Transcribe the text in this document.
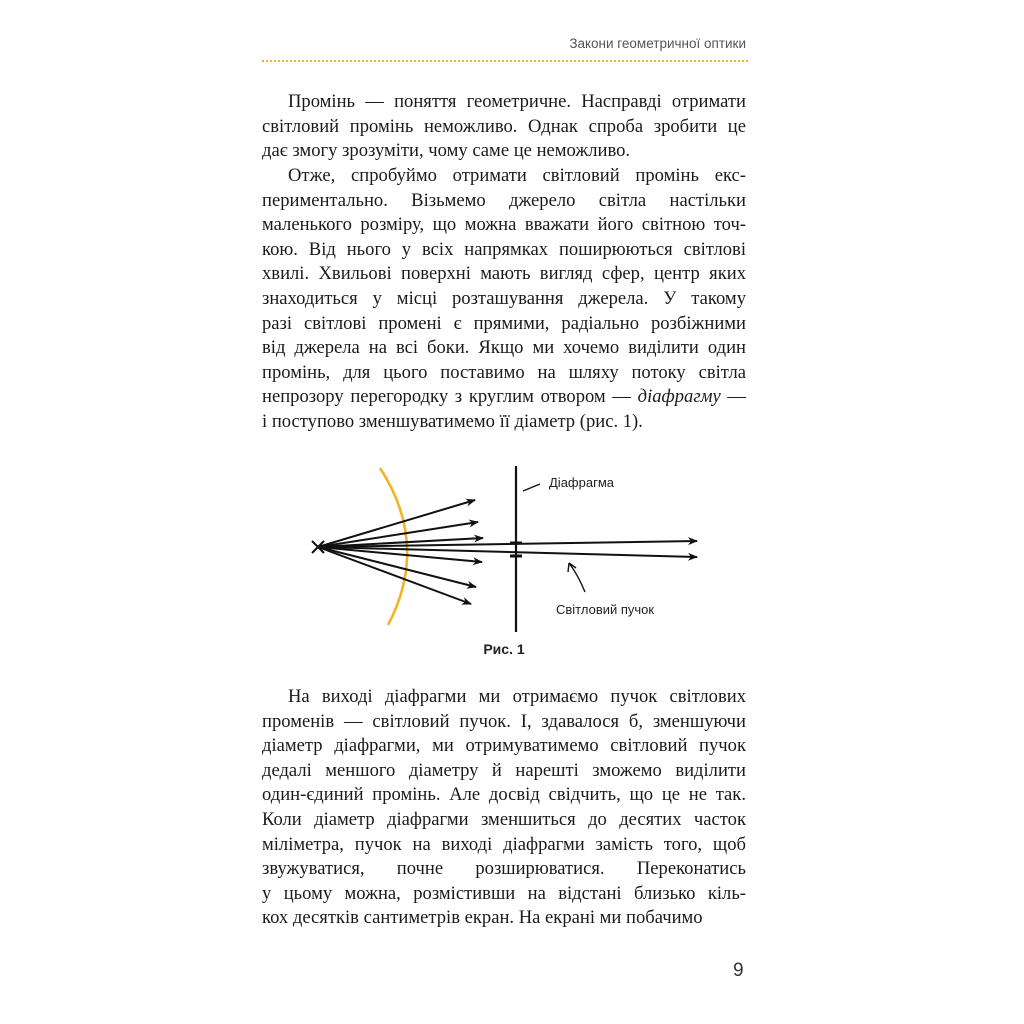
Закони геометричної оптики
Промінь — поняття геометричне. Насправді отримати
світловий промінь неможливо. Однак спроба зробити це
дає змогу зрозуміти, чому саме це неможливо.
Отже, спробуймо отримати світловий промінь екс-
периментально. Візьмемо джерело світла настільки
маленького розміру, що можна вважати його світною точ-
кою. Від нього у всіх напрямках поширюються світлові
хвилі. Хвильові поверхні мають вигляд сфер, центр яких
знаходиться у місці розташування джерела. У такому
разі світлові промені є прямими, радіально розбіжними
від джерела на всі боки. Якщо ми хочемо виділити один
промінь, для цього поставимо на шляху потоку світла
непрозору перегородку з круглим отвором — діафрагму —
і поступово зменшуватимемо її діаметр (рис. 1).
На виході діафрагми ми отримаємо пучок світлових
променів — світловий пучок. І, здавалося б, зменшуючи
діаметр діафрагми, ми отримуватимемо світловий пучок
дедалі меншого діаметру й нарешті зможемо виділити
один-єдиний промінь. Але досвід свідчить, що це не так.
Коли діаметр діафрагми зменшиться до десятих часток
міліметра, пучок на виході діафрагми замість того, щоб
звужуватися, почне розширюватися. Переконатись
у цьому можна, розмістивши на відстані близько кіль-
кох десятків сантиметрів екран. На екрані ми побачимо
Діафрагма
Світловий пучок
Рис. 1
9
